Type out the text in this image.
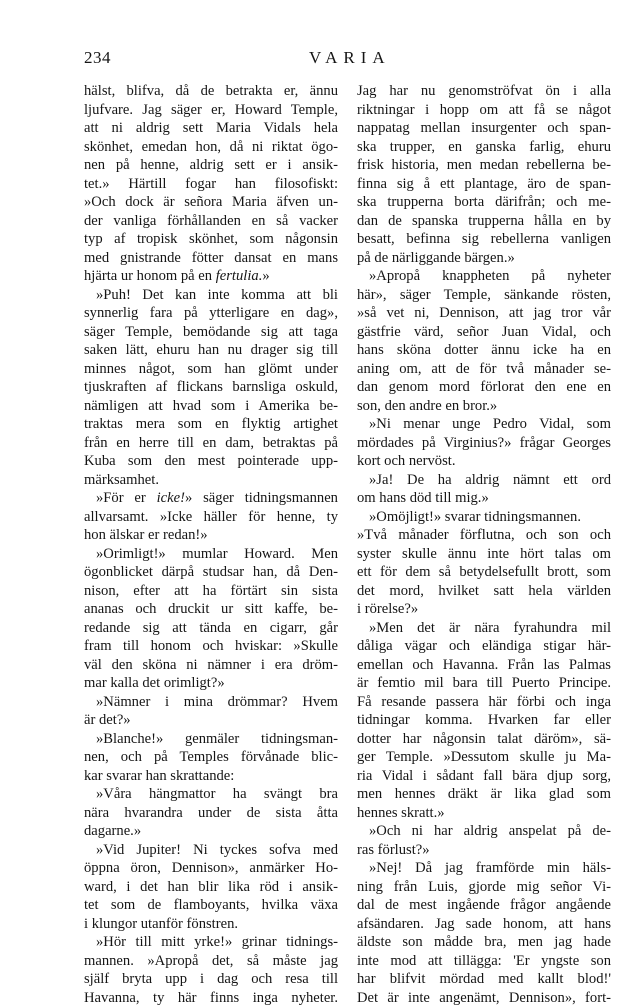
234	VARIA
hälst, blifva, då de betrakta er, ännu
ljufvare. Jag säger er, Howard Temple,
att ni aldrig sett Maria Vidals hela
skönhet, emedan hon, då ni riktat ögo-
nen på henne, aldrig sett er i ansik-
tet.» Härtill fogar han filosofiskt:
»Och dock är señora Maria äfven un-
der vanliga förhållanden en så vacker
typ af tropisk skönhet, som någonsin
med gnistrande fötter dansat en mans
hjärta ur honom på en fertulia.»
»Puh! Det kan inte komma att bli
synnerlig fara på ytterligare en dag»,
säger Temple, bemödande sig att taga
saken lätt, ehuru han nu drager sig till
minnes något, som han glömt under
tjuskraften af flickans barnsliga oskuld,
nämligen att hvad som i Amerika be-
traktas mera som en flyktig artighet
från en herre till en dam, betraktas på
Kuba som den mest pointerade upp-
märksamhet.
»För er icke!» säger tidningsmannen
allvarsamt. »Icke häller för henne, ty
hon älskar er redan!»
»Orimligt!» mumlar Howard. Men
ögonblicket därpå studsar han, då Den-
nison, efter att ha förtärt sin sista
ananas och druckit ur sitt kaffe, be-
redande sig att tända en cigarr, går
fram till honom och hviskar: »Skulle
väl den sköna ni nämner i era dröm-
mar kalla det orimligt?»
»Nämner i mina drömmar? Hvem
är det?»
»Blanche!» genmäler tidningsman-
nen, och på Temples förvånade blic-
kar svarar han skrattande:
»Våra hängmattor ha svängt bra
nära hvarandra under de sista åtta
dagarne.»
»Vid Jupiter! Ni tyckes sofva med
öppna öron, Dennison», anmärker Ho-
ward, i det han blir lika röd i ansik-
tet som de flamboyants, hvilka växa
i klungor utanför fönstren.
»Hör till mitt yrke!» grinar tidnings-
mannen. »Apropå det, så måste jag
själf bryta upp i dag och resa till
Havanna, ty här finns inga nyheter.
Jag har nu genomströfvat ön i alla
riktningar i hopp om att få se något
nappatag mellan insurgenter och span-
ska trupper, en ganska farlig, ehuru
frisk historia, men medan rebellerna be-
finna sig å ett plantage, äro de span-
ska trupperna borta därifrån; och me-
dan de spanska trupperna hålla en by
besatt, befinna sig rebellerna vanligen
på de närliggande bärgen.»
»Apropå knappheten på nyheter
här», säger Temple, sänkande rösten,
»så vet ni, Dennison, att jag tror vår
gästfrie värd, señor Juan Vidal, och
hans sköna dotter ännu icke ha en
aning om, att de för två månader se-
dan genom mord förlorat den ene en
son, den andre en bror.»
»Ni menar unge Pedro Vidal, som
mördades på Virginius?» frågar Georges
kort och nervöst.
»Ja! De ha aldrig nämnt ett ord
om hans död till mig.»
»Omöjligt!» svarar tidningsmannen.
»Två månader förflutna, och son och
syster skulle ännu inte hört talas om
ett för dem så betydelsefullt brott, som
det mord, hvilket satt hela världen
i rörelse?»
»Men det är nära fyrahundra mil
dåliga vägar och eländiga stigar här-
emellan och Havanna. Från las Palmas
är femtio mil bara till Puerto Principe.
Få resande passera här förbi och inga
tidningar komma. Hvarken far eller
dotter har någonsin talat däröm», sä-
ger Temple. »Dessutom skulle ju Ma-
ria Vidal i sådant fall bära djup sorg,
men hennes dräkt är lika glad som
hennes skratt.»
»Och ni har aldrig anspelat på de-
ras förlust?»
»Nej! Då jag framförde min häls-
ning från Luis, gjorde mig señor Vi-
dal de mest ingående frågor angående
afsändaren. Jag sade honom, att hans
äldste son mådde bra, men jag hade
inte mod att tillägga: 'Er yngste son
har blifvit mördad med kallt blod!'
Det är inte angenämt, Dennison», fort-
